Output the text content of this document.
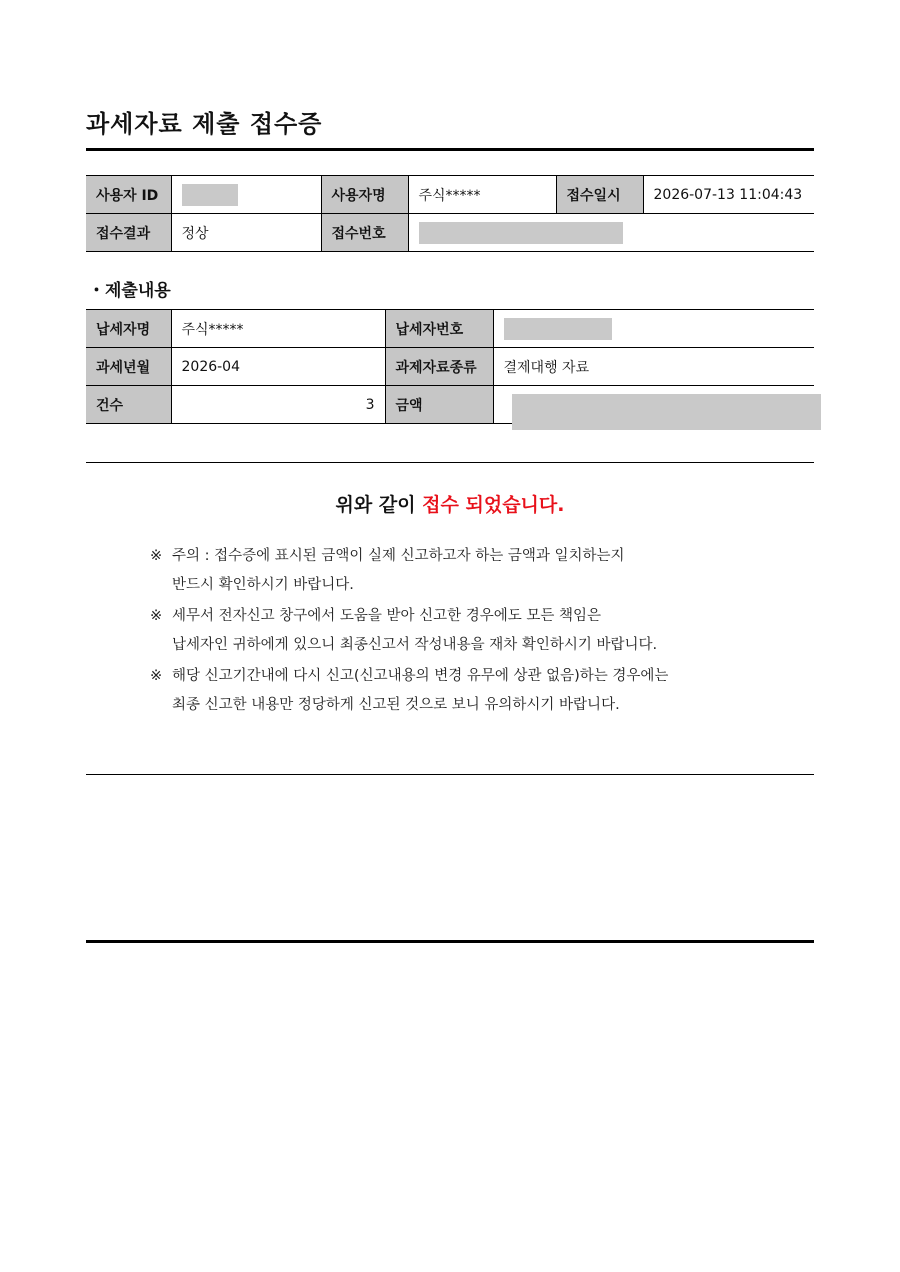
과세자료 제출 접수증
사용자 ID		사용자명	주식*****	접수일시	2026-07-13 11:04:43
접수결과	정상	접수번호			
・제출내용
납세자명	주식*****	납세자번호	
과세년월	2026-04	과제자료종류	결제대행 자료
건수	3	금액	
위와 같이 접수 되었습니다.
※ 주의 : 접수증에 표시된 금액이 실제 신고하고자 하는 금액과 일치하는지
반드시 확인하시기 바랍니다.
※ 세무서 전자신고 창구에서 도움을 받아 신고한 경우에도 모든 책임은
납세자인 귀하에게 있으니 최종신고서 작성내용을 재차 확인하시기 바랍니다.
※ 해당 신고기간내에 다시 신고(신고내용의 변경 유무에 상관 없음)하는 경우에는
최종 신고한 내용만 정당하게 신고된 것으로 보니 유의하시기 바랍니다.
